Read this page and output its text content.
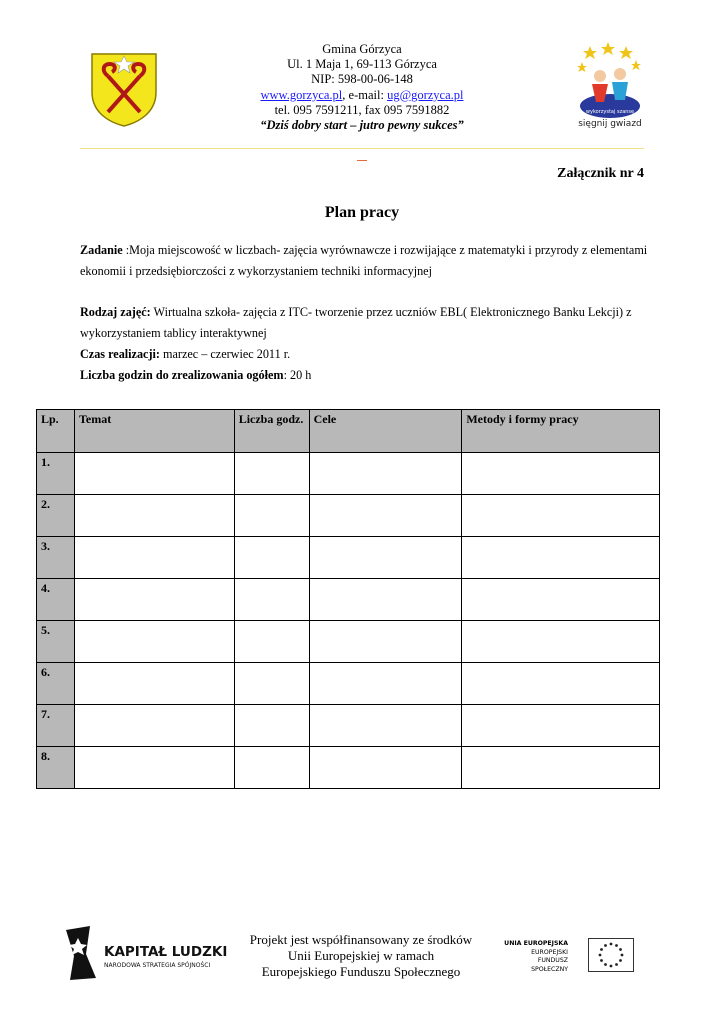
Gmina Górzyca
Ul. 1 Maja 1, 69-113 Górzyca
NIP: 598-00-06-148
www.gorzyca.pl, e-mail: ug@gorzyca.pl
tel. 095 7591211, fax 095 7591882
“Dziś dobry start – jutro pewny sukces”
wykorzystaj szansę
sięgnij gwiazd
Załącznik nr 4
Plan pracy
Zadanie :Moja miejscowość w liczbach- zajęcia wyrównawcze i rozwijające z matematyki i przyrody z elementami ekonomii i przedsiębiorczości z wykorzystaniem techniki informacyjnej
Rodzaj zajęć: Wirtualna szkoła- zajęcia z ITC- tworzenie przez uczniów EBL( Elektronicznego Banku Lekcji) z wykorzystaniem tablicy interaktywnej
Czas realizacji: marzec – czerwiec 2011 r.
Liczba godzin do zrealizowania ogółem: 20 h
Lp.	Temat	Liczba godz.	Cele	Metody i formy pracy
1.				
2.				
3.				
4.				
5.				
6.				
7.				
8.				
KAPITAŁ LUDZKI
NARODOWA STRATEGIA SPÓJNOŚCI
Projekt jest współfinansowany ze środków
Unii Europejskiej w ramach
Europejskiego Funduszu Społecznego
UNIA EUROPEJSKA
EUROPEJSKI
FUNDUSZ SPOŁECZNY
